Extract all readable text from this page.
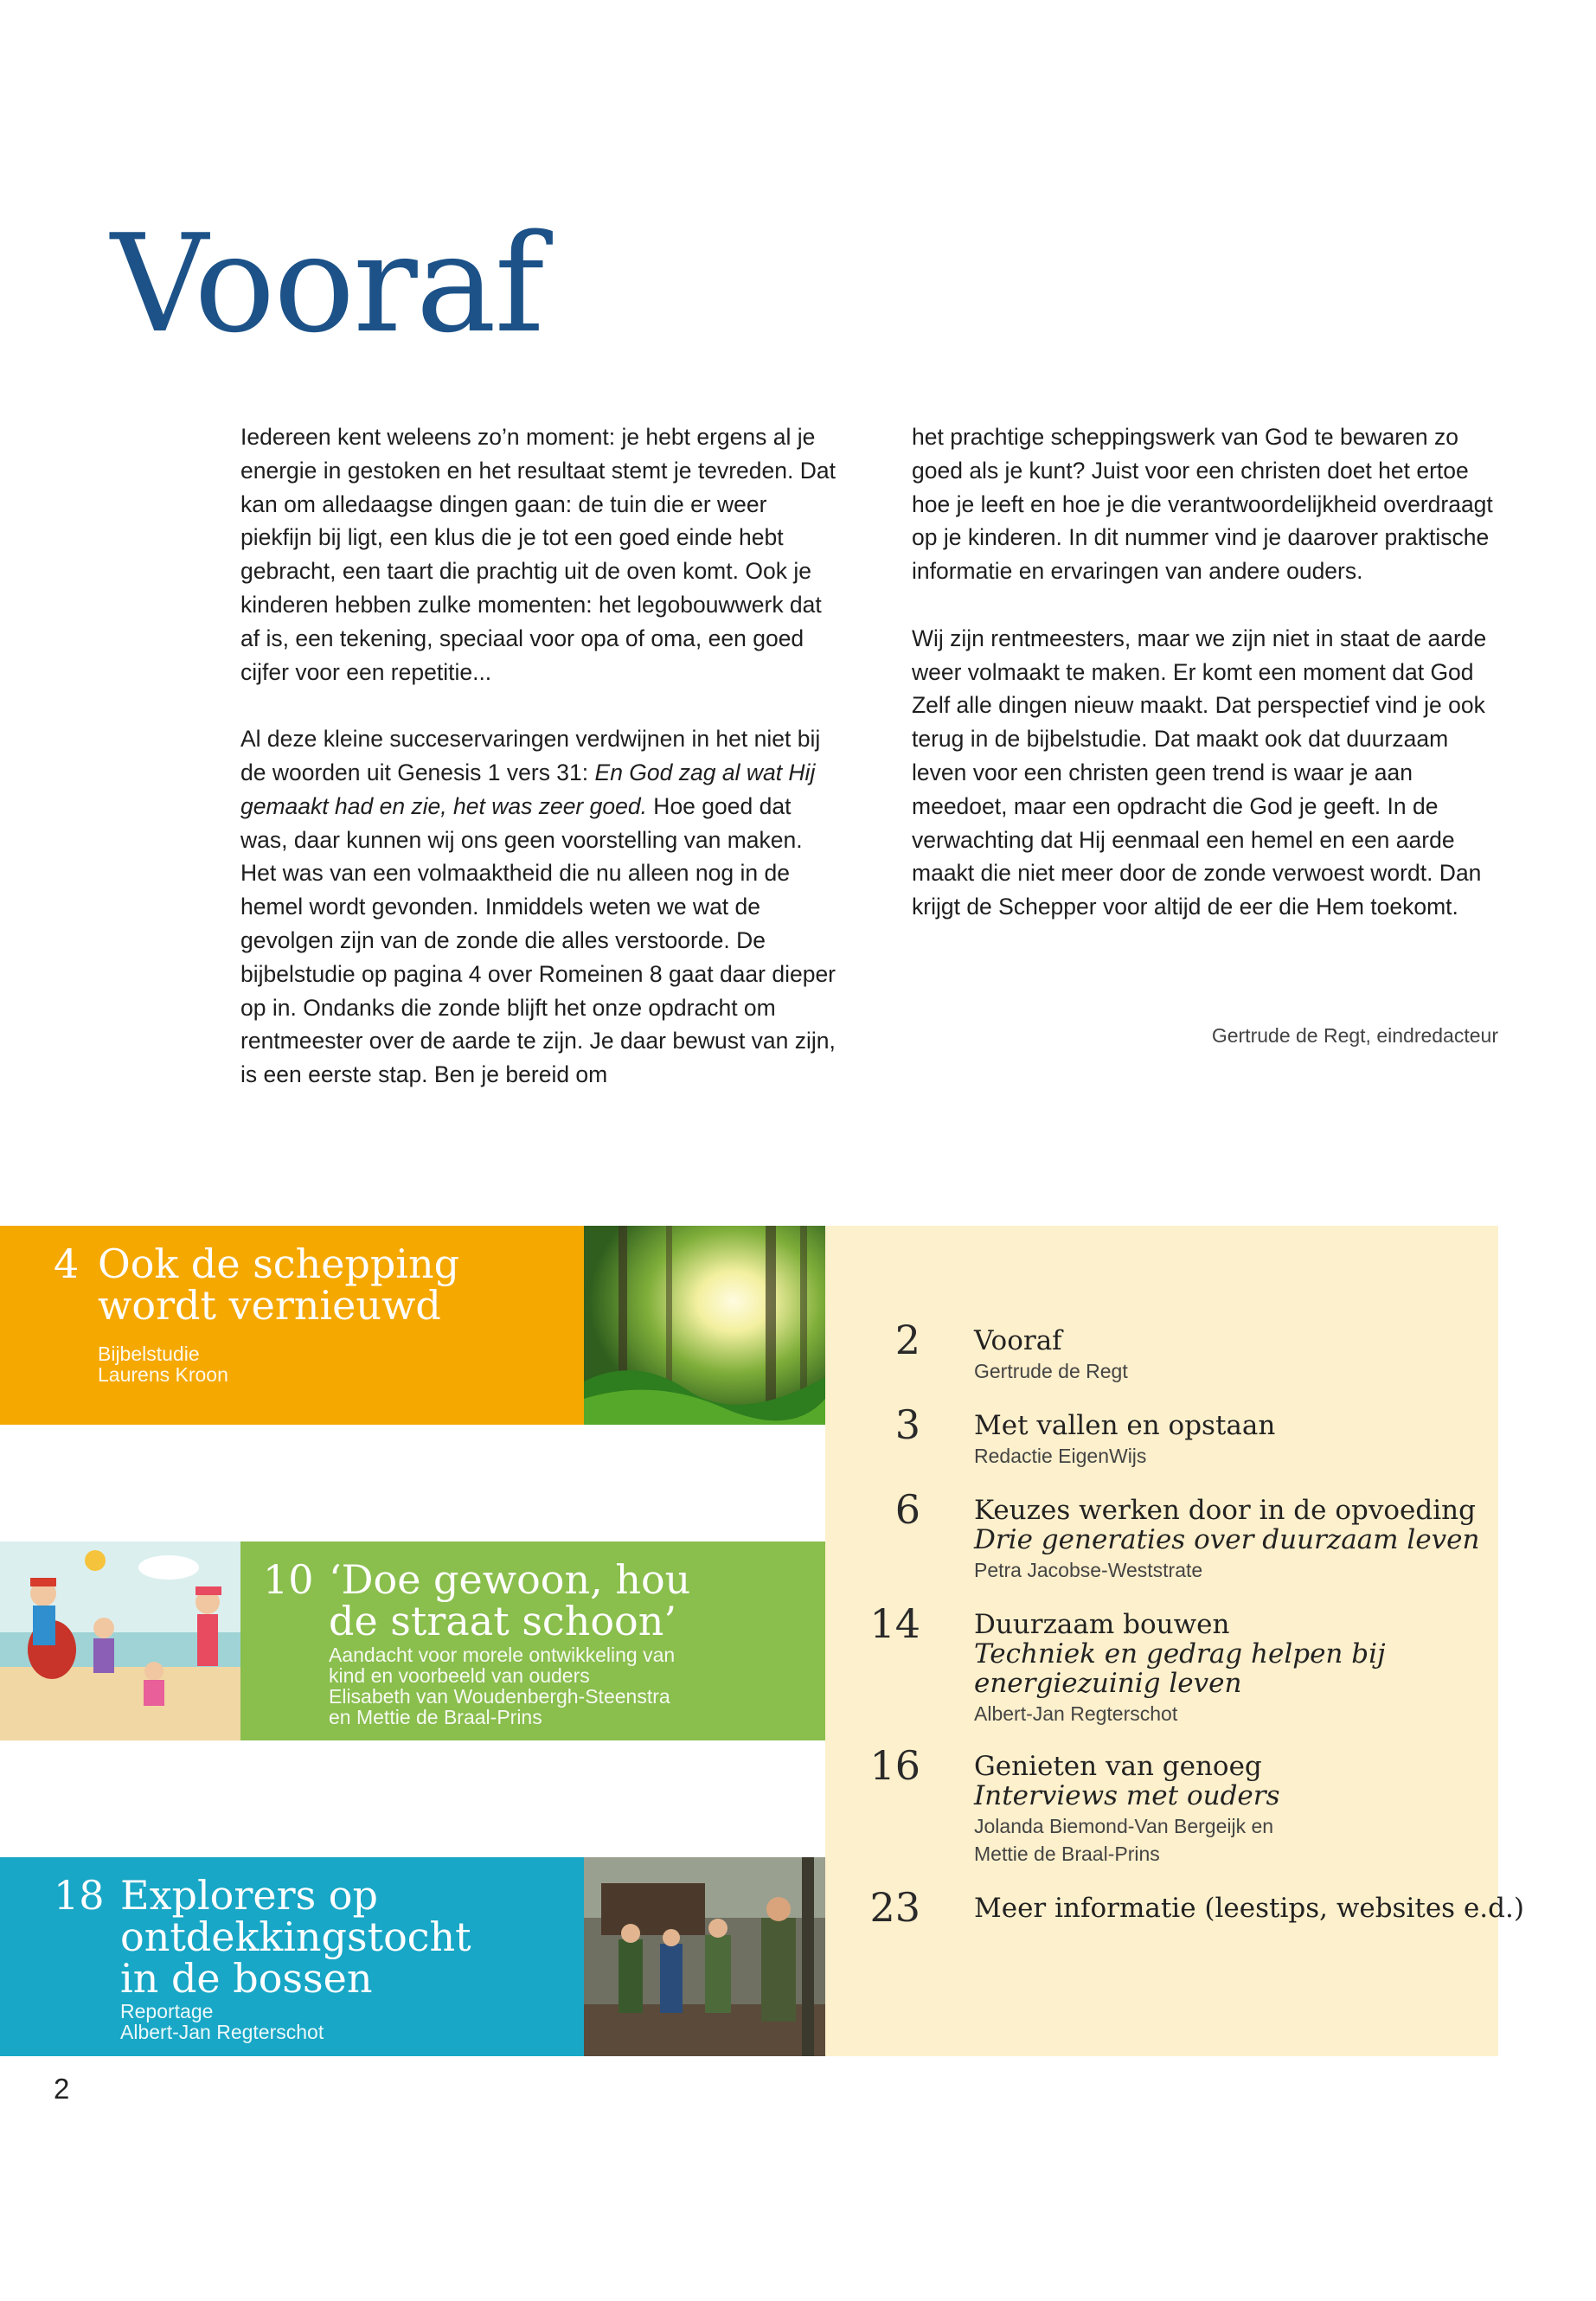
Vooraf

Iedereen kent weleens zo’n moment: je hebt ergens al je energie in gestoken en het resultaat stemt je tevreden. Dat kan om alledaagse dingen gaan: de tuin die er weer piekfijn bij ligt, een klus die je tot een goed einde hebt gebracht, een taart die prachtig uit de oven komt. Ook je kinderen hebben zulke momenten: het legobouwwerk dat af is, een tekening, speciaal voor opa of oma, een goed cijfer voor een repetitie...

Al deze kleine succeservaringen verdwijnen in het niet bij de woorden uit Genesis 1 vers 31: En God zag al wat Hij gemaakt had en zie, het was zeer goed. Hoe goed dat was, daar kunnen wij ons geen voorstelling van maken. Het was van een volmaaktheid die nu alleen nog in de hemel wordt gevonden. Inmiddels weten we wat de gevolgen zijn van de zonde die alles verstoorde. De bijbelstudie op pagina 4 over Romeinen 8 gaat daar dieper op in. Ondanks die zonde blijft het onze opdracht om rentmeester over de aarde te zijn. Je daar bewust van zijn, is een eerste stap. Ben je bereid om

het prachtige scheppingswerk van God te bewaren zo goed als je kunt? Juist voor een christen doet het ertoe hoe je leeft en hoe je die verantwoordelijkheid overdraagt op je kinderen. In dit nummer vind je daarover praktische informatie en ervaringen van andere ouders.

Wij zijn rentmeesters, maar we zijn niet in staat de aarde weer volmaakt te maken. Er komt een moment dat God Zelf alle dingen nieuw maakt. Dat perspectief vind je ook terug in de bijbelstudie. Dat maakt ook dat duurzaam leven voor een christen geen trend is waar je aan meedoet, maar een opdracht die God je geeft. In de verwachting dat Hij eenmaal een hemel en een aarde maakt die niet meer door de zonde verwoest wordt. Dan krijgt de Schepper voor altijd de eer die Hem toekomt.

Gertrude de Regt, eindredacteur
4 Ook de schepping
wordt vernieuwd
Bijbelstudie
Laurens Kroon
10 ‘Doe gewoon, hou
de straat schoon’
Aandacht voor morele ontwikkeling van
kind en voorbeeld van ouders
Elisabeth van Woudenbergh-Steenstra
en Mettie de Braal-Prins
18 Explorers op
ontdekkingstocht
in de bossen
Reportage
Albert-Jan Regterschot
2 Vooraf
Gertrude de Regt
3 Met vallen en opstaan
Redactie EigenWijs
6 Keuzes werken door in de opvoeding
Drie generaties over duurzaam leven
Petra Jacobse-Weststrate
14 Duurzaam bouwen
Techniek en gedrag helpen bij
energiezuinig leven
Albert-Jan Regterschot
16 Genieten van genoeg
Interviews met ouders
Jolanda Biemond-Van Bergeijk en
Mettie de Braal-Prins
23 Meer informatie (leestips, websites e.d.)
2
